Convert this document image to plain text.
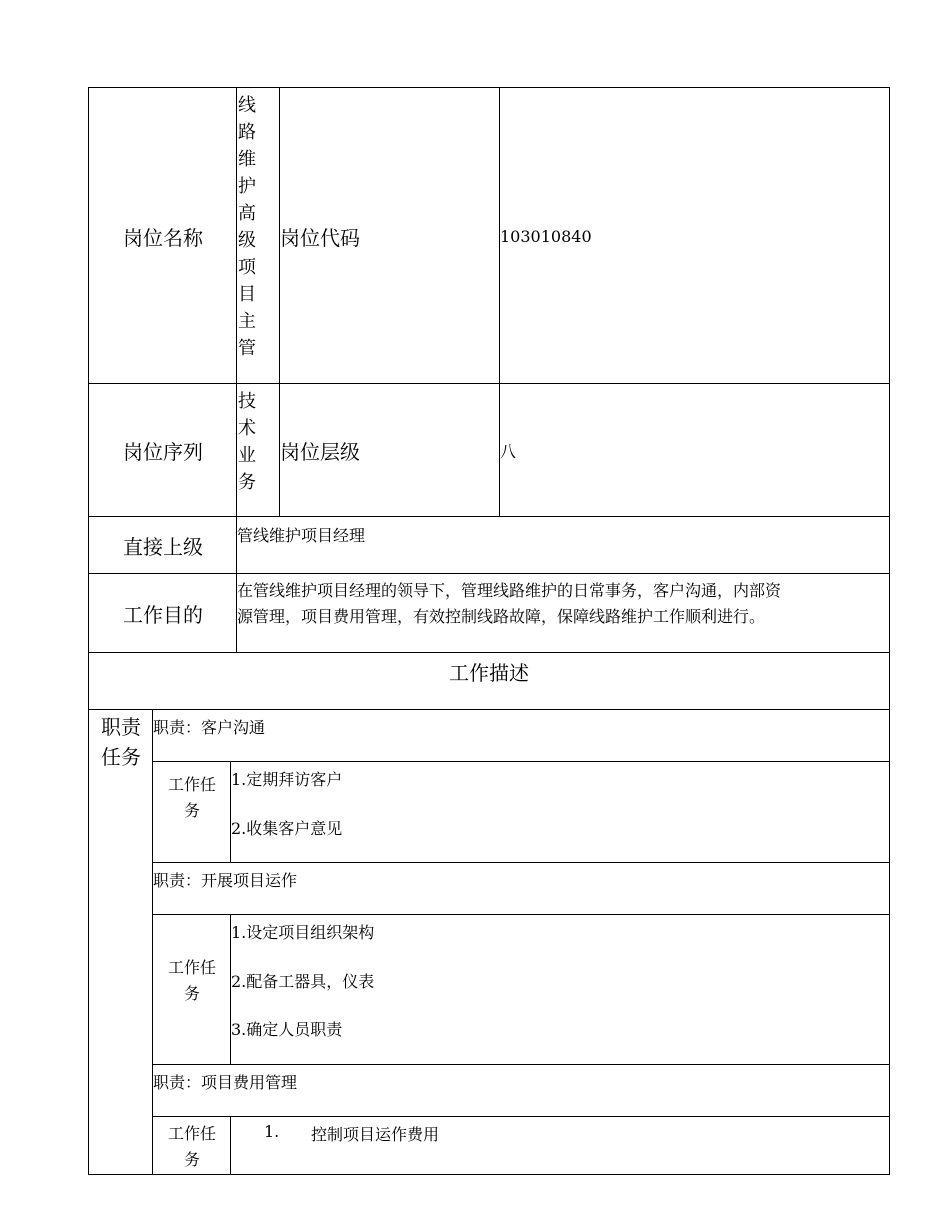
岗位名称
线路维护高级项目主管
岗位代码	103010840
岗位序列
技术业务
岗位层级	八
直接上级 管线维护项目经理
工作目的
在管线维护项目经理的领导下，管理线路维护的日常事务，客户沟通，内部资
源管理，项目费用管理，有效控制线路故障，保障线路维护工作顺利进行。
工作描述
职责任务
职责：客户沟通
工作任务
1.定期拜访客户
2.收集客户意见
职责：开展项目运作
工作任务
1.设定项目组织架构
2.配备工器具，仪表
3.确定人员职责
职责：项目费用管理
工作任务
1. 控制项目运作费用
